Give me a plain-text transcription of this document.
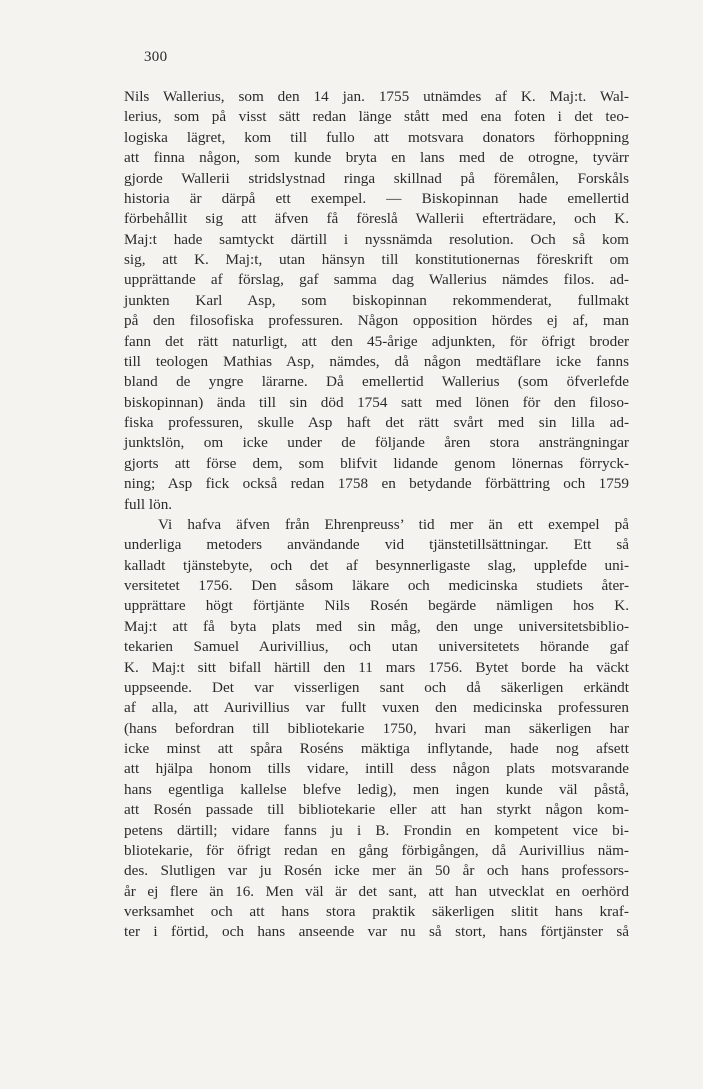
300
Nils Wallerius, som den 14 jan. 1755 utnämdes af K. Maj:t. Wal-
lerius, som på visst sätt redan länge stått med ena foten i det teo-
logiska lägret, kom till fullo att motsvara donators förhoppning
att finna någon, som kunde bryta en lans med de otrogne, tyvärr
gjorde Wallerii stridslystnad ringa skillnad på föremålen, Forskåls
historia är därpå ett exempel. — Biskopinnan hade emellertid
förbehållit sig att äfven få föreslå Wallerii efterträdare, och K.
Maj:t hade samtyckt därtill i nyssnämda resolution. Och så kom
sig, att K. Maj:t, utan hänsyn till konstitutionernas föreskrift om
upprättande af förslag, gaf samma dag Wallerius nämdes filos. ad-
junkten Karl Asp, som biskopinnan rekommenderat, fullmakt
på den filosofiska professuren. Någon opposition hördes ej af, man
fann det rätt naturligt, att den 45-årige adjunkten, för öfrigt broder
till teologen Mathias Asp, nämdes, då någon medtäflare icke fanns
bland de yngre lärarne. Då emellertid Wallerius (som öfverlefde
biskopinnan) ända till sin död 1754 satt med lönen för den filoso-
fiska professuren, skulle Asp haft det rätt svårt med sin lilla ad-
junktslön, om icke under de följande åren stora ansträngningar
gjorts att förse dem, som blifvit lidande genom lönernas förryck-
ning; Asp fick också redan 1758 en betydande förbättring och 1759
full lön.
Vi hafva äfven från Ehrenpreuss’ tid mer än ett exempel på
underliga metoders användande vid tjänstetillsättningar. Ett så
kalladt tjänstebyte, och det af besynnerligaste slag, upplefde uni-
versitetet 1756. Den såsom läkare och medicinska studiets åter-
upprättare högt förtjänte Nils Rosén begärde nämligen hos K.
Maj:t att få byta plats med sin måg, den unge universitetsbiblio-
tekarien Samuel Aurivillius, och utan universitetets hörande gaf
K. Maj:t sitt bifall härtill den 11 mars 1756. Bytet borde ha väckt
uppseende. Det var visserligen sant och då säkerligen erkändt
af alla, att Aurivillius var fullt vuxen den medicinska professuren
(hans befordran till bibliotekarie 1750, hvari man säkerligen har
icke minst att spåra Roséns mäktiga inflytande, hade nog afsett
att hjälpa honom tills vidare, intill dess någon plats motsvarande
hans egentliga kallelse blefve ledig), men ingen kunde väl påstå,
att Rosén passade till bibliotekarie eller att han styrkt någon kom-
petens därtill; vidare fanns ju i B. Frondin en kompetent vice bi-
bliotekarie, för öfrigt redan en gång förbigången, då Aurivillius näm-
des. Slutligen var ju Rosén icke mer än 50 år och hans professors-
år ej flere än 16. Men väl är det sant, att han utvecklat en oerhörd
verksamhet och att hans stora praktik säkerligen slitit hans kraf-
ter i förtid, och hans anseende var nu så stort, hans förtjänster så
